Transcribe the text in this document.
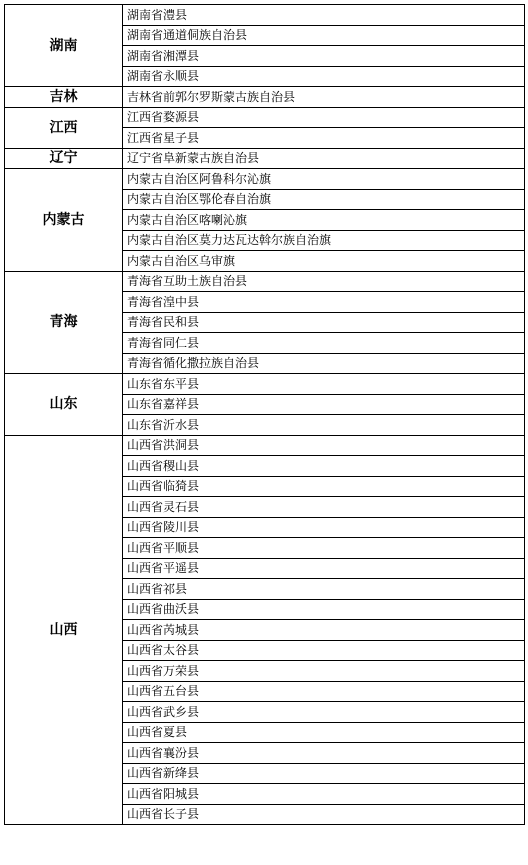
湖南	湖南省澧县
	湖南省通道侗族自治县
	湖南省湘潭县
	湖南省永顺县
吉林	吉林省前郭尔罗斯蒙古族自治县
江西	江西省婺源县
	江西省星子县
辽宁	辽宁省阜新蒙古族自治县
内蒙古	内蒙古自治区阿鲁科尔沁旗
	内蒙古自治区鄂伦春自治旗
	内蒙古自治区喀喇沁旗
	内蒙古自治区莫力达瓦达斡尔族自治旗
	内蒙古自治区乌审旗
青海	青海省互助土族自治县
	青海省湟中县
	青海省民和县
	青海省同仁县
	青海省循化撒拉族自治县
山东	山东省东平县
	山东省嘉祥县
	山东省沂水县
山西	山西省洪洞县
	山西省稷山县
	山西省临猗县
	山西省灵石县
	山西省陵川县
	山西省平顺县
	山西省平遥县
	山西省祁县
	山西省曲沃县
	山西省芮城县
	山西省太谷县
	山西省万荣县
	山西省五台县
	山西省武乡县
	山西省夏县
	山西省襄汾县
	山西省新绛县
	山西省阳城县
	山西省长子县
